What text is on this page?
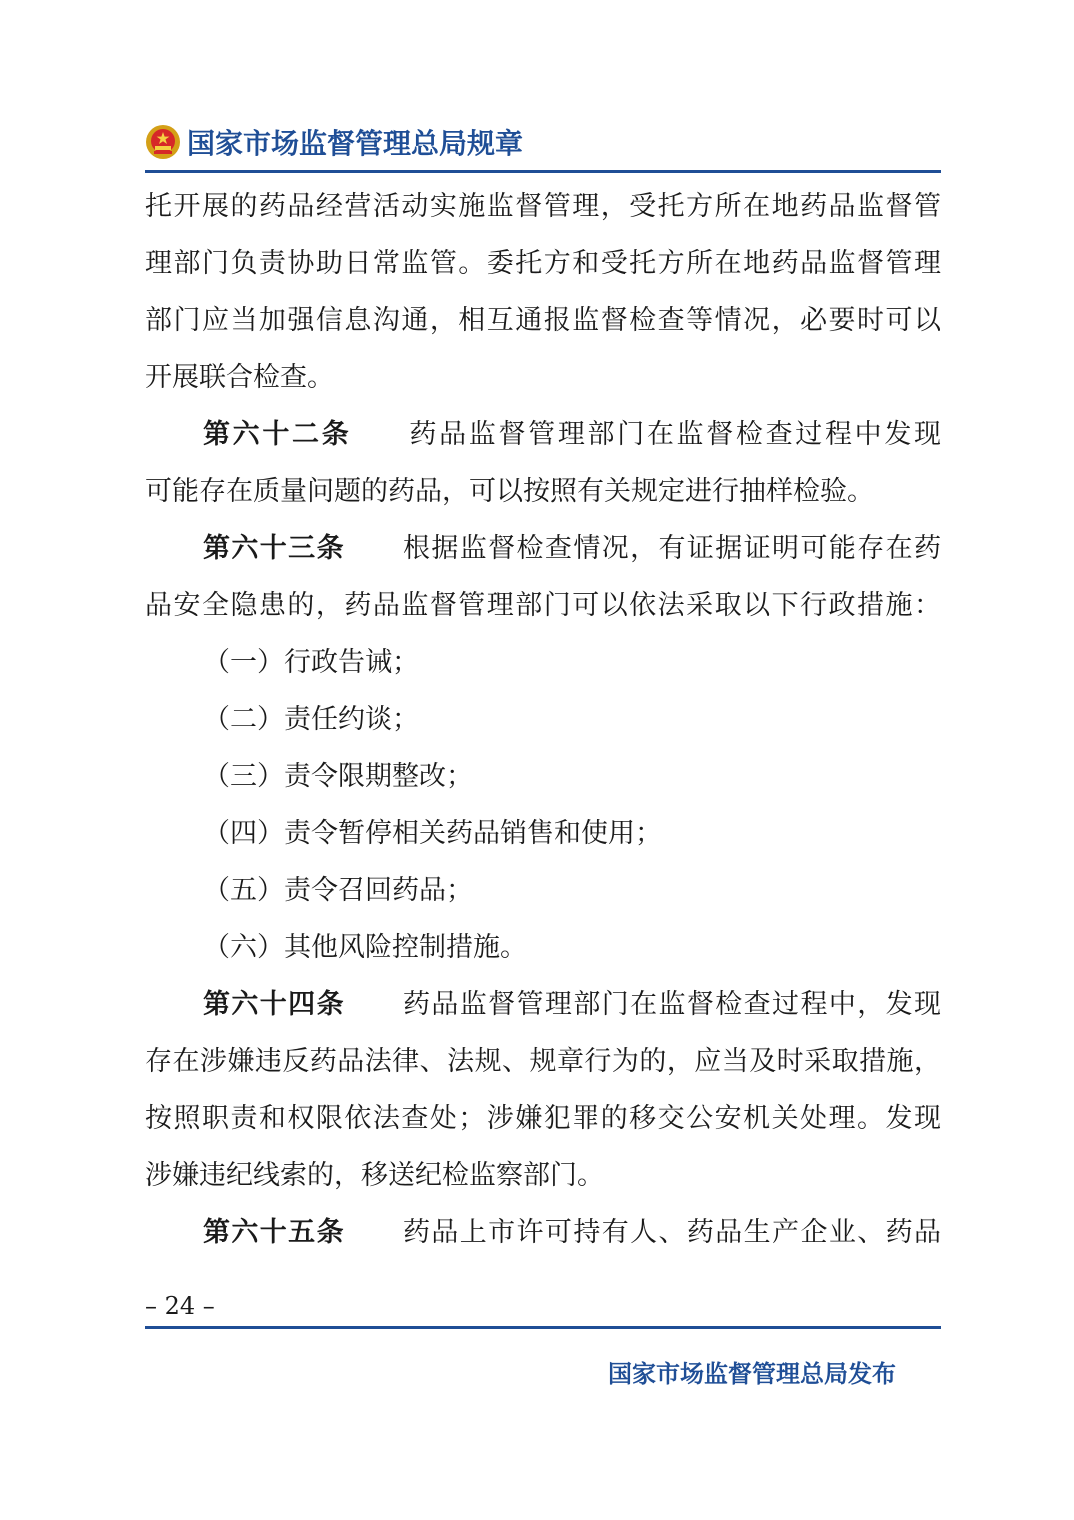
国家市场监督管理总局规章
托开展的药品经营活动实施监督管理，受托方所在地药品监督管
理部门负责协助日常监管。委托方和受托方所在地药品监督管理
部门应当加强信息沟通，相互通报监督检查等情况，必要时可以
开展联合检查。
第六十二条 药品监督管理部门在监督检查过程中发现
可能存在质量问题的药品，可以按照有关规定进行抽样检验。
第六十三条 根据监督检查情况，有证据证明可能存在药
品安全隐患的，药品监督管理部门可以依法采取以下行政措施：
（一）行政告诫；
（二）责任约谈；
（三）责令限期整改；
（四）责令暂停相关药品销售和使用；
（五）责令召回药品；
（六）其他风险控制措施。
第六十四条 药品监督管理部门在监督检查过程中，发现
存在涉嫌违反药品法律、法规、规章行为的，应当及时采取措施，
按照职责和权限依法查处；涉嫌犯罪的移交公安机关处理。发现
涉嫌违纪线索的，移送纪检监察部门。
第六十五条 药品上市许可持有人、药品生产企业、药品
– 24 –
国家市场监督管理总局发布
